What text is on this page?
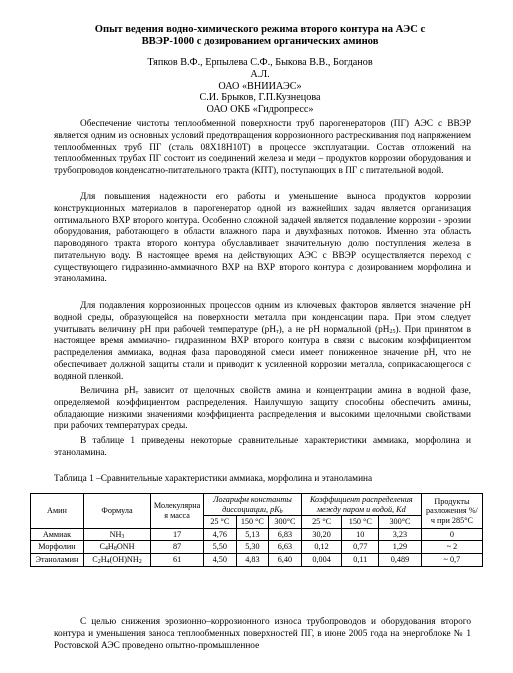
Опыт ведения водно-химического режима второго контура на АЭС с
ВВЭР-1000 с дозированием органических аминов
Тяпков В.Ф., Ерпылева С.Ф., Быкова В.В., Богданов А.Л.
ОАО «ВНИИАЭС»
С.И. Брыков, Г.П.Кузнецова
ОАО ОКБ «Гидропресс»

Обеспечение чистоты теплообменной поверхности труб парогенераторов (ПГ) АЭС с ВВЭР является одним из основных условий предотвращения коррозионного растрескивания под напряжением теплообменных труб ПГ (сталь 08Х18Н10Т) в процессе эксплуатации. Состав отложений на теплообменных трубах ПГ состоит из соединений железа и меди – продуктов коррозии оборудования и трубопроводов конденсатно-питательного тракта (КПТ), поступающих в ПГ с питательной водой.

Для повышения надежности его работы и уменьшение выноса продуктов коррозии конструкционных материалов в парогенератор одной из важнейших задач является организация оптимального ВХР второго контура. Особенно сложной задачей является подавление коррозии - эрозии оборудования, работающего в области влажного пара и двухфазных потоков. Именно эта область пароводяного тракта второго контура обуславливает значительную долю поступления железа в питательную воду. В настоящее время на действующих АЭС с ВВЭР осуществляется переход с существующего гидразинно-аммиачного ВХР на ВХР второго контура с дозированием морфолина и этаноламина.

Для подавления коррозионных процессов одним из ключевых факторов является значение pH водной среды, образующейся на поверхности металла при конденсации пара. При этом следует учитывать величину pH при рабочей температуре $(pH_т)$, а не pH нормальной $(pH_{25})$. При принятом в настоящее время аммиачно- гидразинном ВХР второго контура в связи с высоким коэффициентом распределения аммиака, водная фаза пароводяной смеси имеет пониженное значение pH, что не обеспечивает должной защиты стали и приводит к усиленной коррозии металла, соприкасающегося с водяной пленкой.

Величина $pH_т$ зависит от щелочных свойств амина и концентрации амина в водной фазе, определяемой коэффициентом распределения. Наилучшую защиту способны обеспечить амины, обладающие низкими значениями коэффициента распределения и высокими щелочными свойствами при рабочих температурах среды.

В таблице 1 приведены некоторые сравнительные характеристики аммиака, морфолина и этаноламина.

Таблица 1 –Сравнительные характеристики аммиака, морфолина и этаноламина
Амин	Формула	Молекулярна я масса	Логарифм константы диссоциации, $pK_b$			Коэффициент распределения между паром и водой, Kd			Продукты разложения %/ ч при 285°С
			25 °С	150 °С	300°С	25 °С	150 °С	300°С	
Аммиак	$NH_3$	17	4,76	5,13	6,83	30,20	10	3,23	0
Морфолин	$C_4H_8ONH$	87	5,50	5,30	6,63	0,12	0,77	1,29	~ 2
Этаноламин	$C_2H_4(OH)NH_2$	61	4,50	4,83	6,40	0,004	0,11	0,489	~ 0,7

С целью снижения эрозионно–коррозионного износа трубопроводов и оборудования второго контура и уменьшения заноса теплообменных поверхностей ПГ, в июне 2005 года на энергоблоке № 1 Ростовской АЭС проведено опытно-промышленное
